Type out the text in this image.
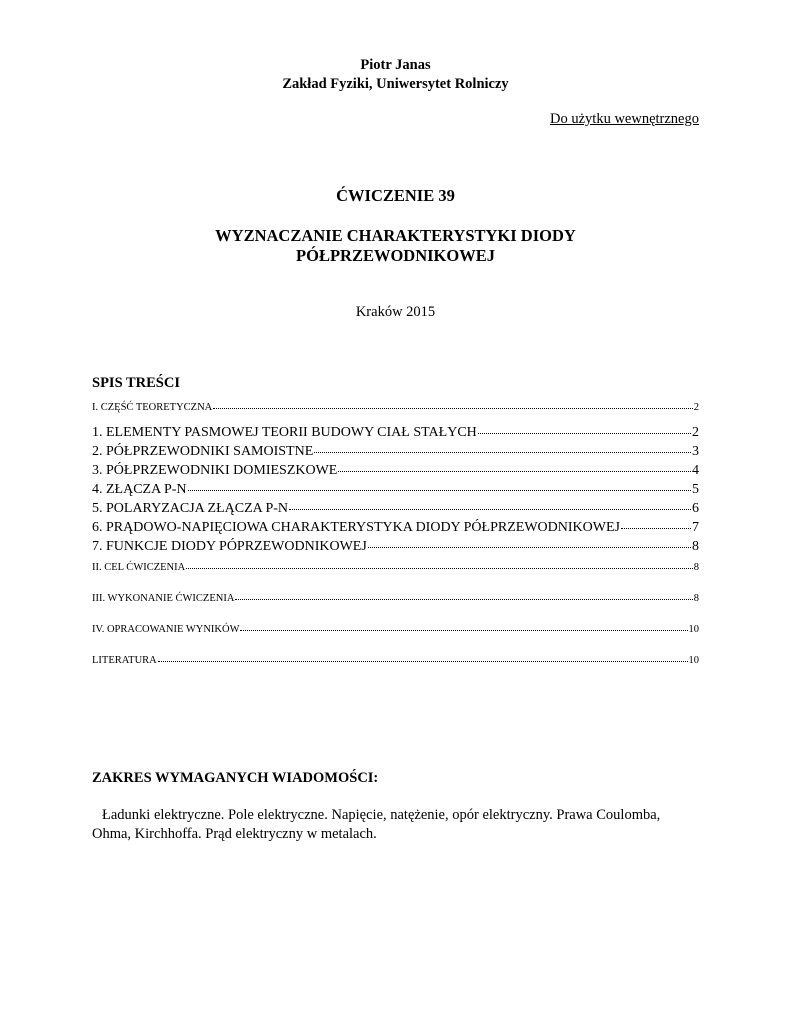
Piotr Janas
Zakład Fyziki, Uniwersytet Rolniczy
Do użytku wewnętrznego
ĆWICZENIE 39
WYZNACZANIE CHARAKTERYSTYKI DIODY
PÓŁPRZEWODNIKOWEJ
Kraków 2015
SPIS TREŚCI
I. CZĘŚĆ TEORETYCZNA	2
1. ELEMENTY PASMOWEJ TEORII BUDOWY CIAŁ STAŁYCH	2
2. PÓŁPRZEWODNIKI SAMOISTNE	3
3. PÓŁPRZEWODNIKI DOMIESZKOWE	4
4. ZŁĄCZA P-N	5
5. POLARYZACJA ZŁĄCZA P-N	6
6. PRĄDOWO-NAPIĘCIOWA CHARAKTERYSTYKA DIODY PÓŁPRZEWODNIKOWEJ	7
7. FUNKCJE DIODY PÓPRZEWODNIKOWEJ	8
II. CEL ĆWICZENIA	8
III. WYKONANIE ĆWICZENIA	8
IV. OPRACOWANIE WYNIKÓW	10
LITERATURA	10
ZAKRES WYMAGANYCH WIADOMOŚCI:
Ładunki elektryczne. Pole elektryczne. Napięcie, natężenie, opór elektryczny. Prawa Coulomba, Ohma, Kirchhoffa. Prąd elektryczny w metalach.
